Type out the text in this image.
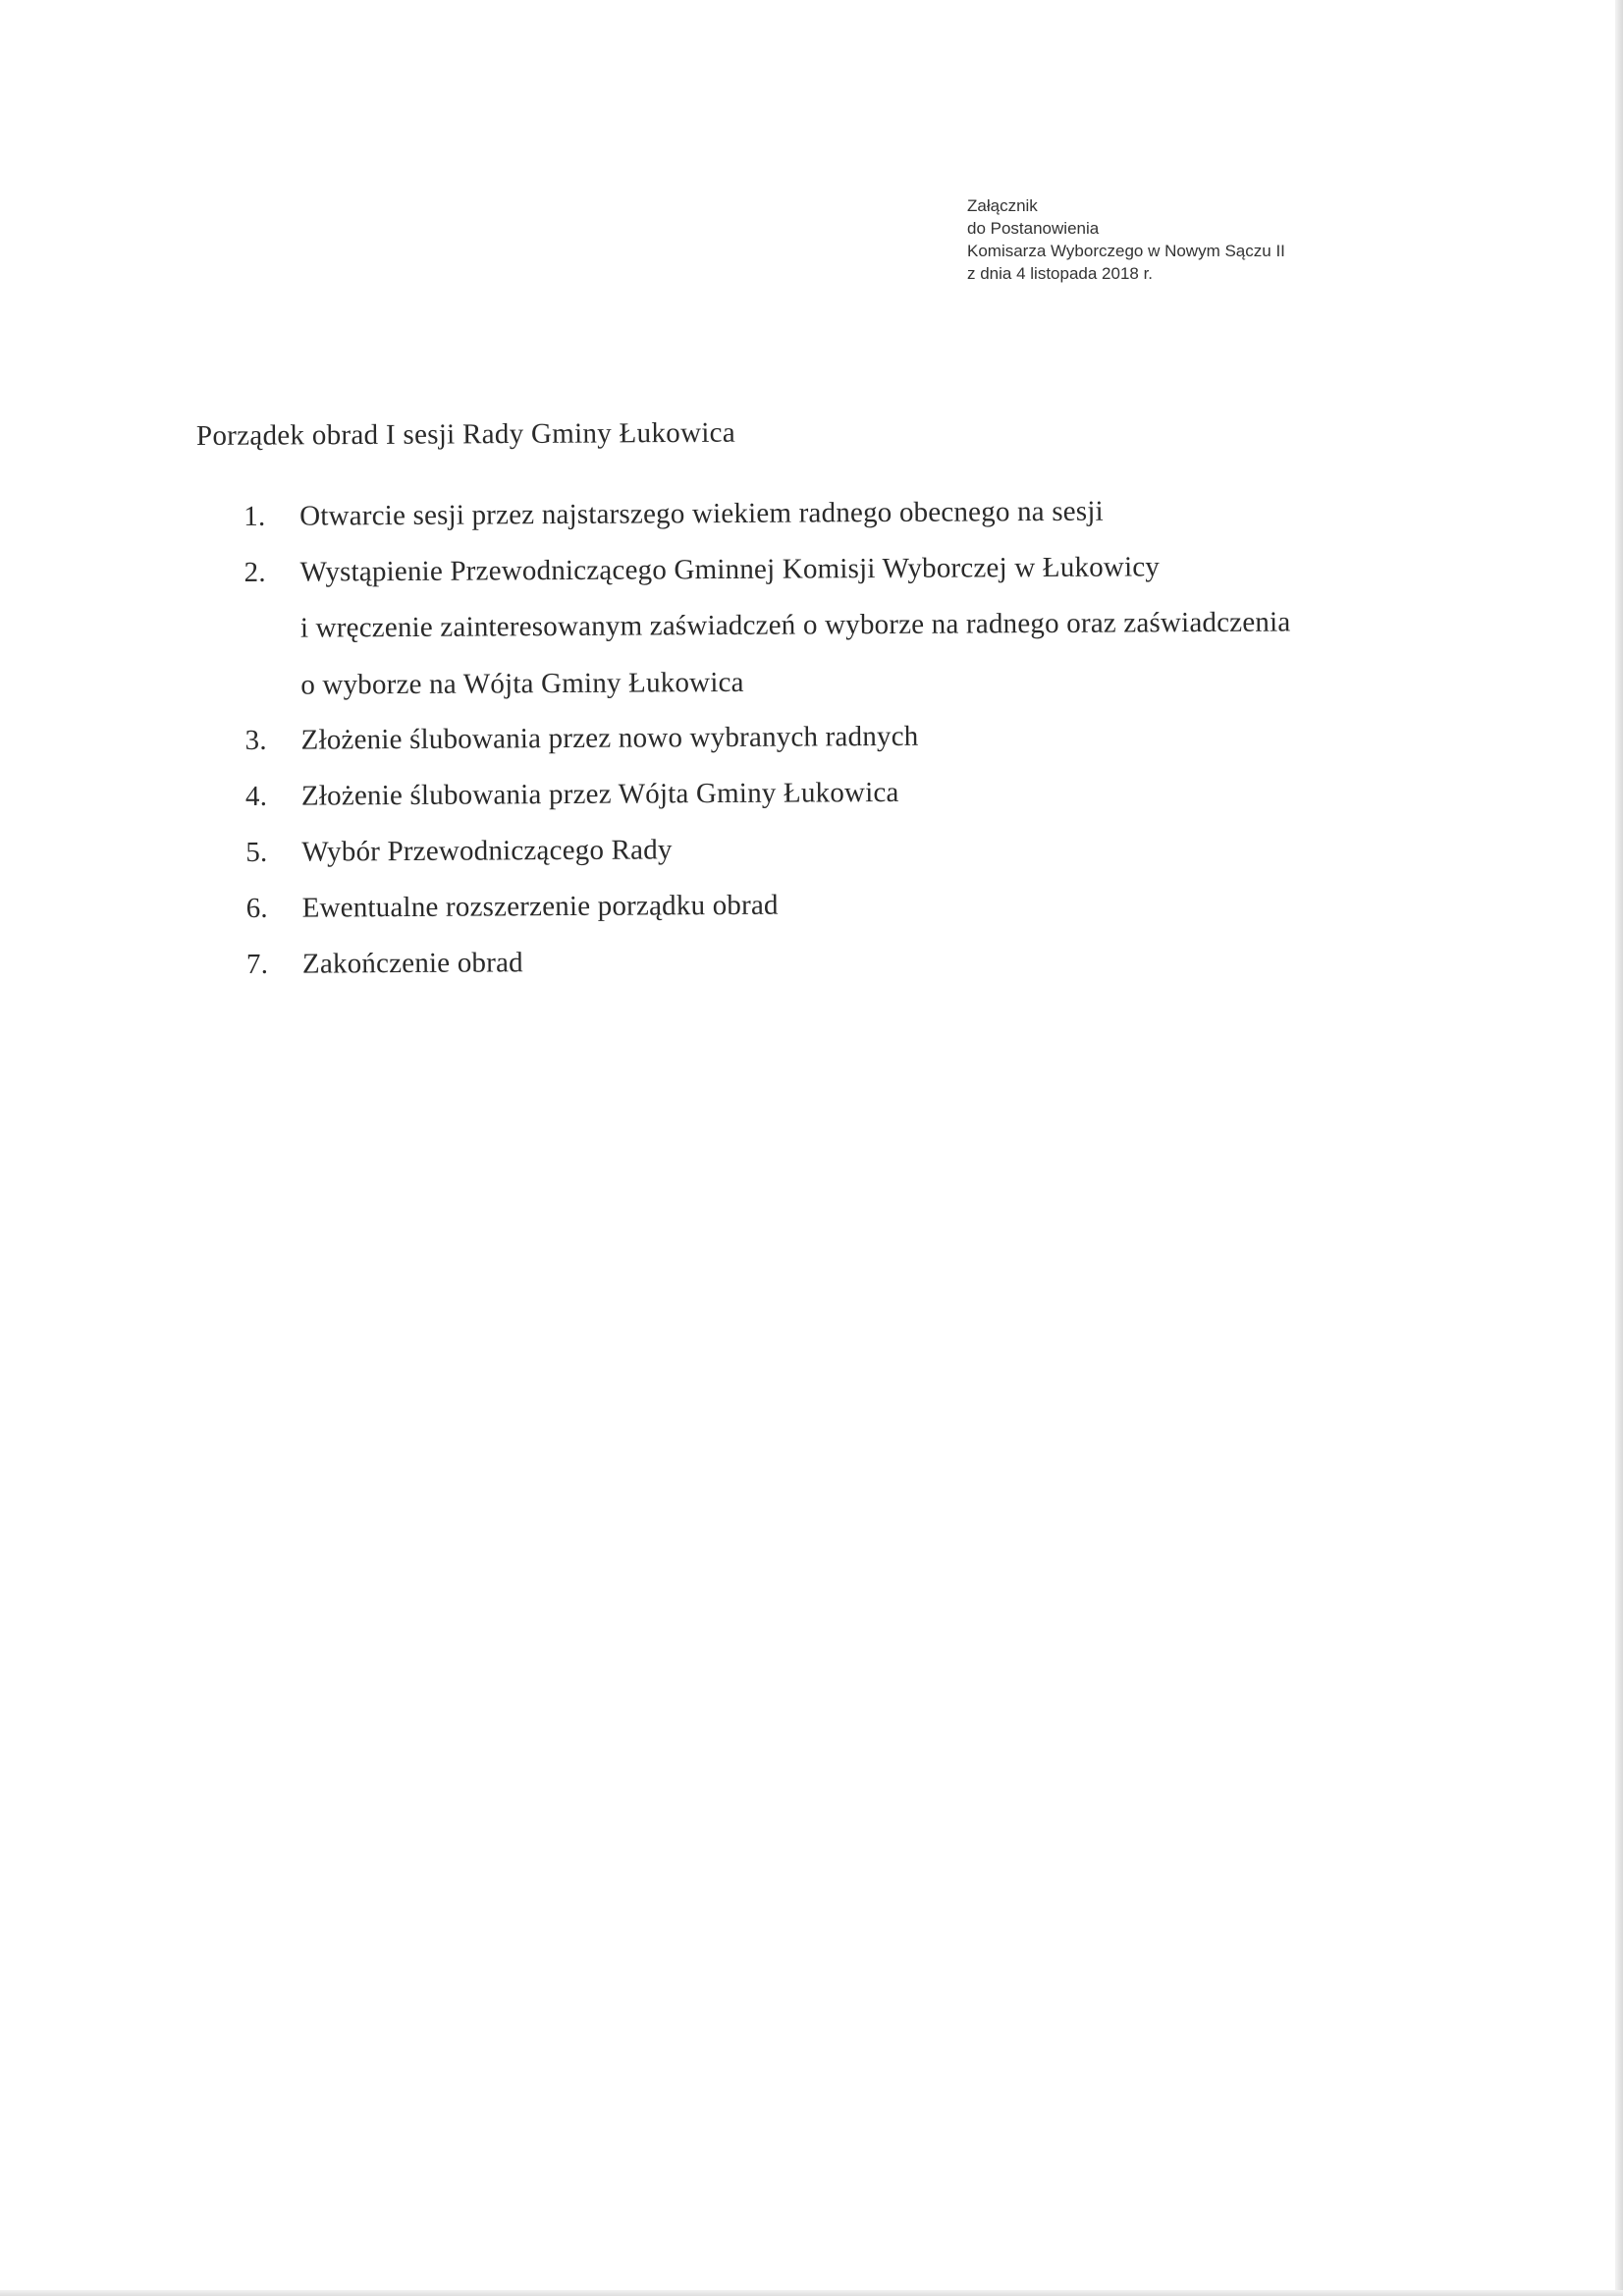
Załącznik
do Postanowienia
Komisarza Wyborczego w Nowym Sączu II
z dnia 4 listopada 2018 r.
Porządek obrad I sesji Rady Gminy Łukowica
1. Otwarcie sesji przez najstarszego wiekiem radnego obecnego na sesji
2. Wystąpienie Przewodniczącego Gminnej Komisji Wyborczej w Łukowicy
i wręczenie zainteresowanym zaświadczeń o wyborze na radnego oraz zaświadczenia
o wyborze na Wójta Gminy Łukowica
3. Złożenie ślubowania przez nowo wybranych radnych
4. Złożenie ślubowania przez Wójta Gminy Łukowica
5. Wybór Przewodniczącego Rady
6. Ewentualne rozszerzenie porządku obrad
7. Zakończenie obrad
